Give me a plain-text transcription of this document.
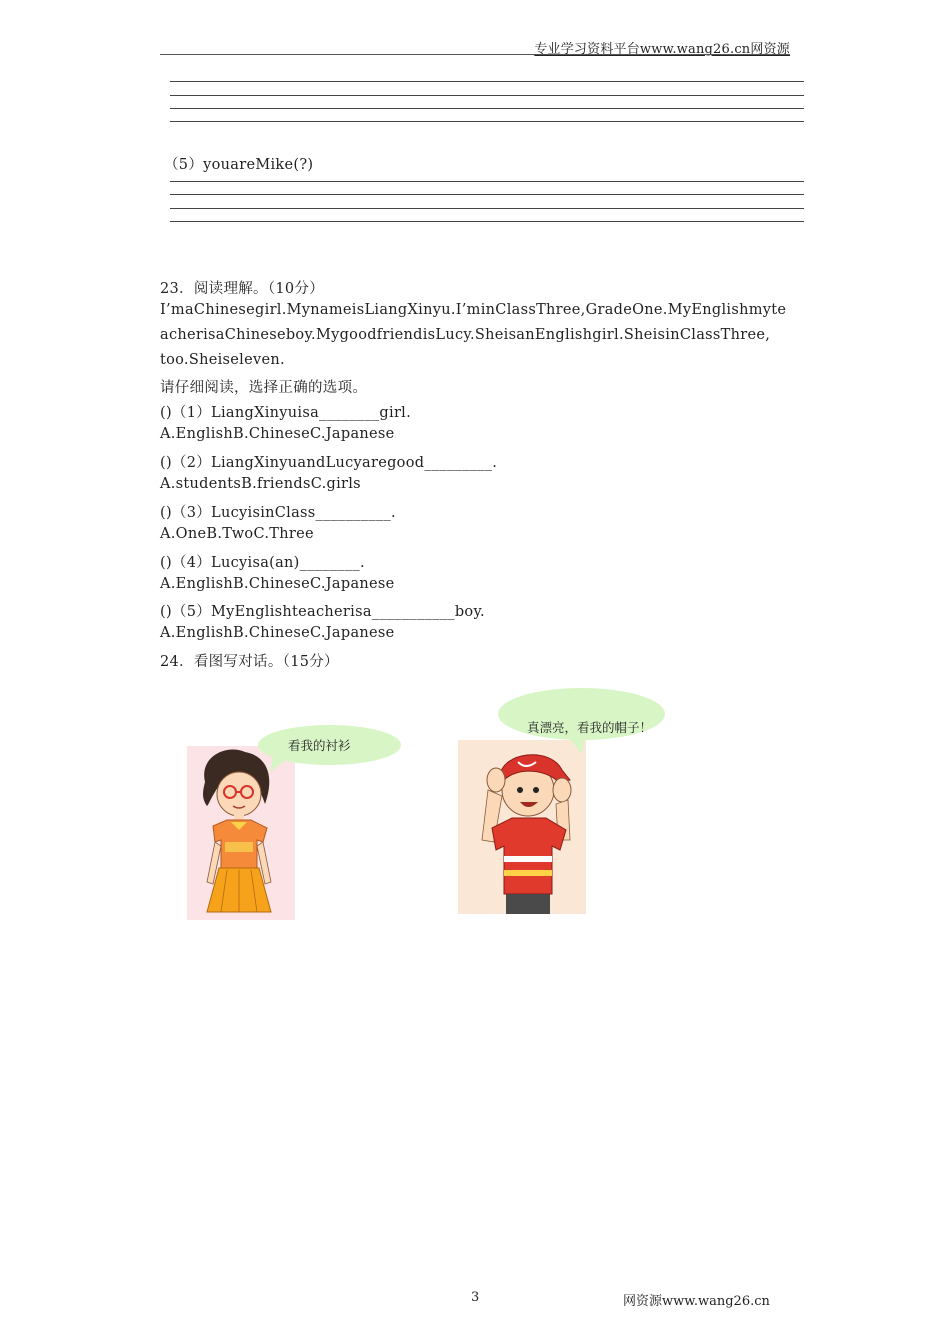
专业学习资料平台www.wang26.cn网资源
（5）youareMike(?)
23．阅读理解。（10分）
I’maChinesegirl.MynameisLiangXinyu.I’minClassThree,GradeOne.MyEnglishmyte
acherisaChineseboy.MygoodfriendisLucy.SheisanEnglishgirl.SheisinClassThree,
too.Sheiseleven.
请仔细阅读，选择正确的选项。
()（1）LiangXinyuisa________girl.
A.EnglishB.ChineseC.Japanese
()（2）LiangXinyuandLucyaregood_________.
A.studentsB.friendsC.girls
()（3）LucyisinClass__________.
A.OneB.TwoC.Three
()（4）Lucyisa(an)________.
A.EnglishB.ChineseC.Japanese
()（5）MyEnglishteacherisa___________boy.
A.EnglishB.ChineseC.Japanese
24．看图写对话。（15分）
看我的衬衫
真漂亮，看我的帽子！
3	网资源www.wang26.cn
